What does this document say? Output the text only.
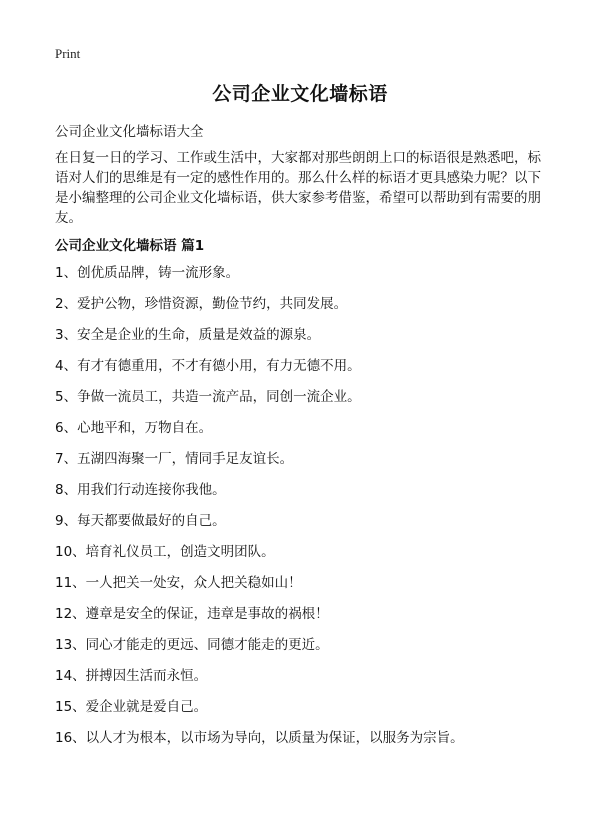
Print
公司企业文化墙标语
公司企业文化墙标语大全

在日复一日的学习、工作或生活中，大家都对那些朗朗上口的标语很是熟悉吧，标语对人们的思维是有一定的感性作用的。那么什么样的标语才更具感染力呢？以下是小编整理的公司企业文化墙标语，供大家参考借鉴，希望可以帮助到有需要的朋友。

公司企业文化墙标语 篇1
1、创优质品牌，铸一流形象。
2、爱护公物，珍惜资源，勤俭节约，共同发展。
3、安全是企业的生命，质量是效益的源泉。
4、有才有德重用，不才有德小用，有力无德不用。
5、争做一流员工，共造一流产品，同创一流企业。
6、心地平和，万物自在。
7、五湖四海聚一厂，情同手足友谊长。
8、用我们行动连接你我他。
9、每天都要做最好的自己。
10、培育礼仪员工，创造文明团队。
11、一人把关一处安，众人把关稳如山！
12、遵章是安全的保证，违章是事故的祸根！
13、同心才能走的更远、同德才能走的更近。
14、拼搏因生活而永恒。
15、爱企业就是爱自己。
16、以人才为根本，以市场为导向，以质量为保证，以服务为宗旨。
